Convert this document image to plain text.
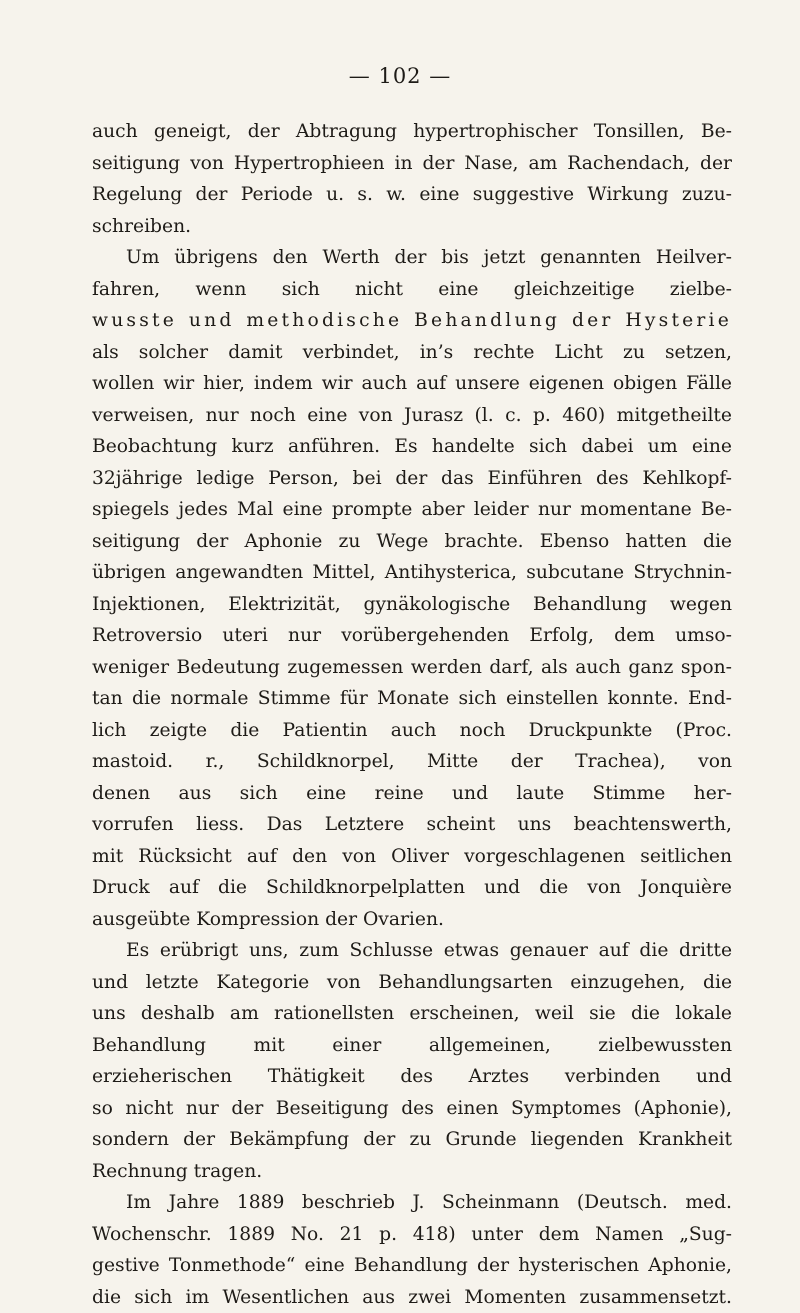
— 102 —
auch geneigt, der Abtragung hypertrophischer Tonsillen, Be-
seitigung von Hypertrophieen in der Nase, am Rachendach, der
Regelung der Periode u. s. w. eine suggestive Wirkung zuzu-
schreiben.
Um übrigens den Werth der bis jetzt genannten Heilver-
fahren, wenn sich nicht eine gleichzeitige zielbe-
wusste und methodische Behandlung der Hysterie
als solcher damit verbindet, in’s rechte Licht zu setzen,
wollen wir hier, indem wir auch auf unsere eigenen obigen Fälle
verweisen, nur noch eine von Jurasz (l. c. p. 460) mitgetheilte
Beobachtung kurz anführen. Es handelte sich dabei um eine
32jährige ledige Person, bei der das Einführen des Kehlkopf-
spiegels jedes Mal eine prompte aber leider nur momentane Be-
seitigung der Aphonie zu Wege brachte. Ebenso hatten die
übrigen angewandten Mittel, Antihysterica, subcutane Strychnin-
Injektionen, Elektrizität, gynäkologische Behandlung wegen
Retroversio uteri nur vorübergehenden Erfolg, dem umso-
weniger Bedeutung zugemessen werden darf, als auch ganz spon-
tan die normale Stimme für Monate sich einstellen konnte. End-
lich zeigte die Patientin auch noch Druckpunkte (Proc.
mastoid. r., Schildknorpel, Mitte der Trachea), von
denen aus sich eine reine und laute Stimme her-
vorrufen liess. Das Letztere scheint uns beachtenswerth,
mit Rücksicht auf den von Oliver vorgeschlagenen seitlichen
Druck auf die Schildknorpelplatten und die von Jonquière
ausgeübte Kompression der Ovarien.
Es erübrigt uns, zum Schlusse etwas genauer auf die dritte
und letzte Kategorie von Behandlungsarten einzugehen, die
uns deshalb am rationellsten erscheinen, weil sie die lokale
Behandlung mit einer allgemeinen, zielbewussten
erzieherischen Thätigkeit des Arztes verbinden und
so nicht nur der Beseitigung des einen Symptomes (Aphonie),
sondern der Bekämpfung der zu Grunde liegenden Krankheit
Rechnung tragen.
Im Jahre 1889 beschrieb J. Scheinmann (Deutsch. med.
Wochenschr. 1889 No. 21 p. 418) unter dem Namen „Sug-
gestive Tonmethode“ eine Behandlung der hysterischen Aphonie,
die sich im Wesentlichen aus zwei Momenten zusammensetzt.
